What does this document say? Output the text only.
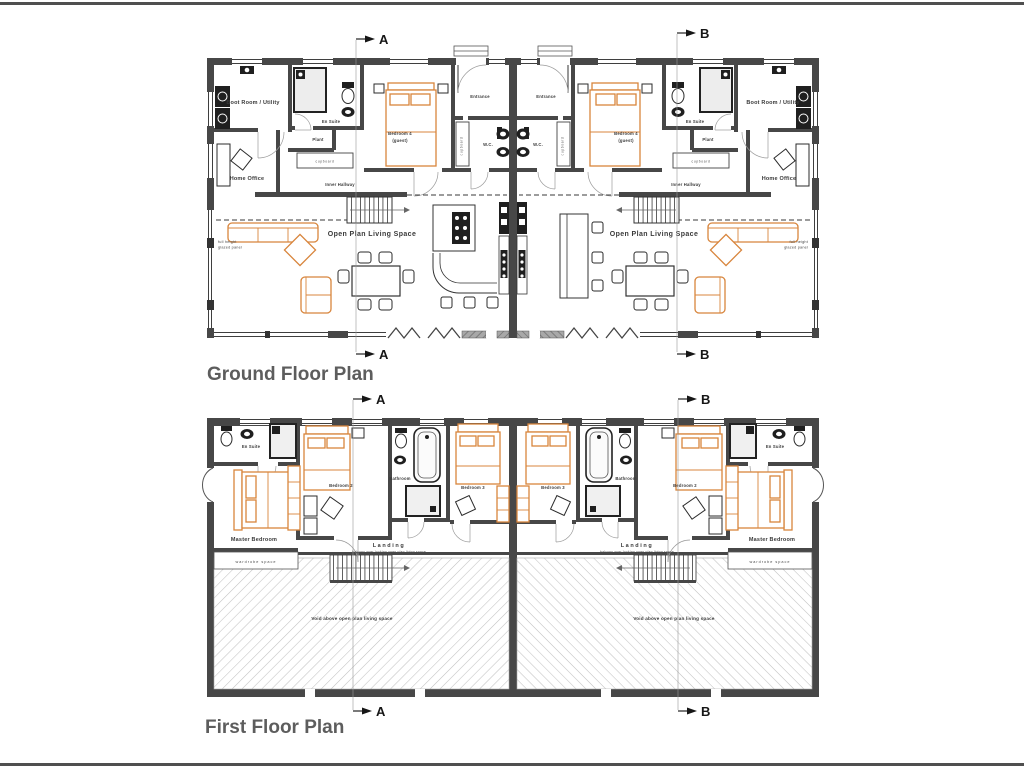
Boot Room / Utility
Home Office
En Suite
Plant
cupboard
cupboard
Bedroom 4
(guest)
Entrance
W.C.
Inner Hallway
Open Plan Living Space
full height
glazed panel
Boot Room / Utility
Home Office
En Suite
Plant
cupboard
cupboard
Bedroom 4
(guest)
Entrance
W.C.
Inner Hallway
Open Plan Living Space
full height
glazed panel
A
A
B
B
Ground Floor Plan
En Suite
Master Bedroom
Bedroom 2
Bathroom
Bedroom 3
Landing
balcony over looking open plan living space
wardrobe space
Void above open plan living space
En Suite
Master Bedroom
Bedroom 2
Bathroom
Bedroom 3
Landing
balcony over looking open plan living space
wardrobe space
Void above open plan living space
A
A
B
B
First Floor Plan
